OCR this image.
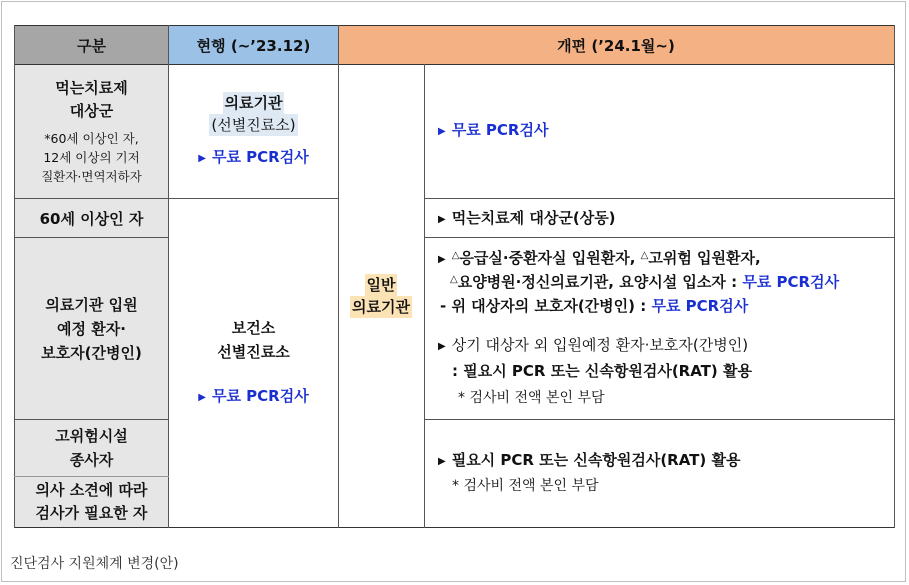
구분	현행 (~’23.12)	개편 (’24.1월~)
먹는치료제
대상군
*60세 이상인 자,
12세 이상의 기저
질환자·면역저하자
60세 이상인 자
의료기관 입원
예정 환자·
보호자(간병인)
고위험시설
종사자
의사 소견에 따라
검사가 필요한 자
의료기관
(선별진료소)
▶ 무료 PCR검사
보건소
선별진료소
▶ 무료 PCR검사
일반
의료기관
▶ 무료 PCR검사
▶ 먹는치료제 대상군(상동)
▶ △응급실·중환자실 입원환자, △고위험 입원환자,
△요양병원·정신의료기관, 요양시설 입소자 : 무료 PCR검사
- 위 대상자의 보호자(간병인) : 무료 PCR검사
▶ 상기 대상자 외 입원예정 환자·보호자(간병인)
: 필요시 PCR 또는 신속항원검사(RAT) 활용
* 검사비 전액 본인 부담
▶ 필요시 PCR 또는 신속항원검사(RAT) 활용
* 검사비 전액 본인 부담
진단검사 지원체계 변경(안)
